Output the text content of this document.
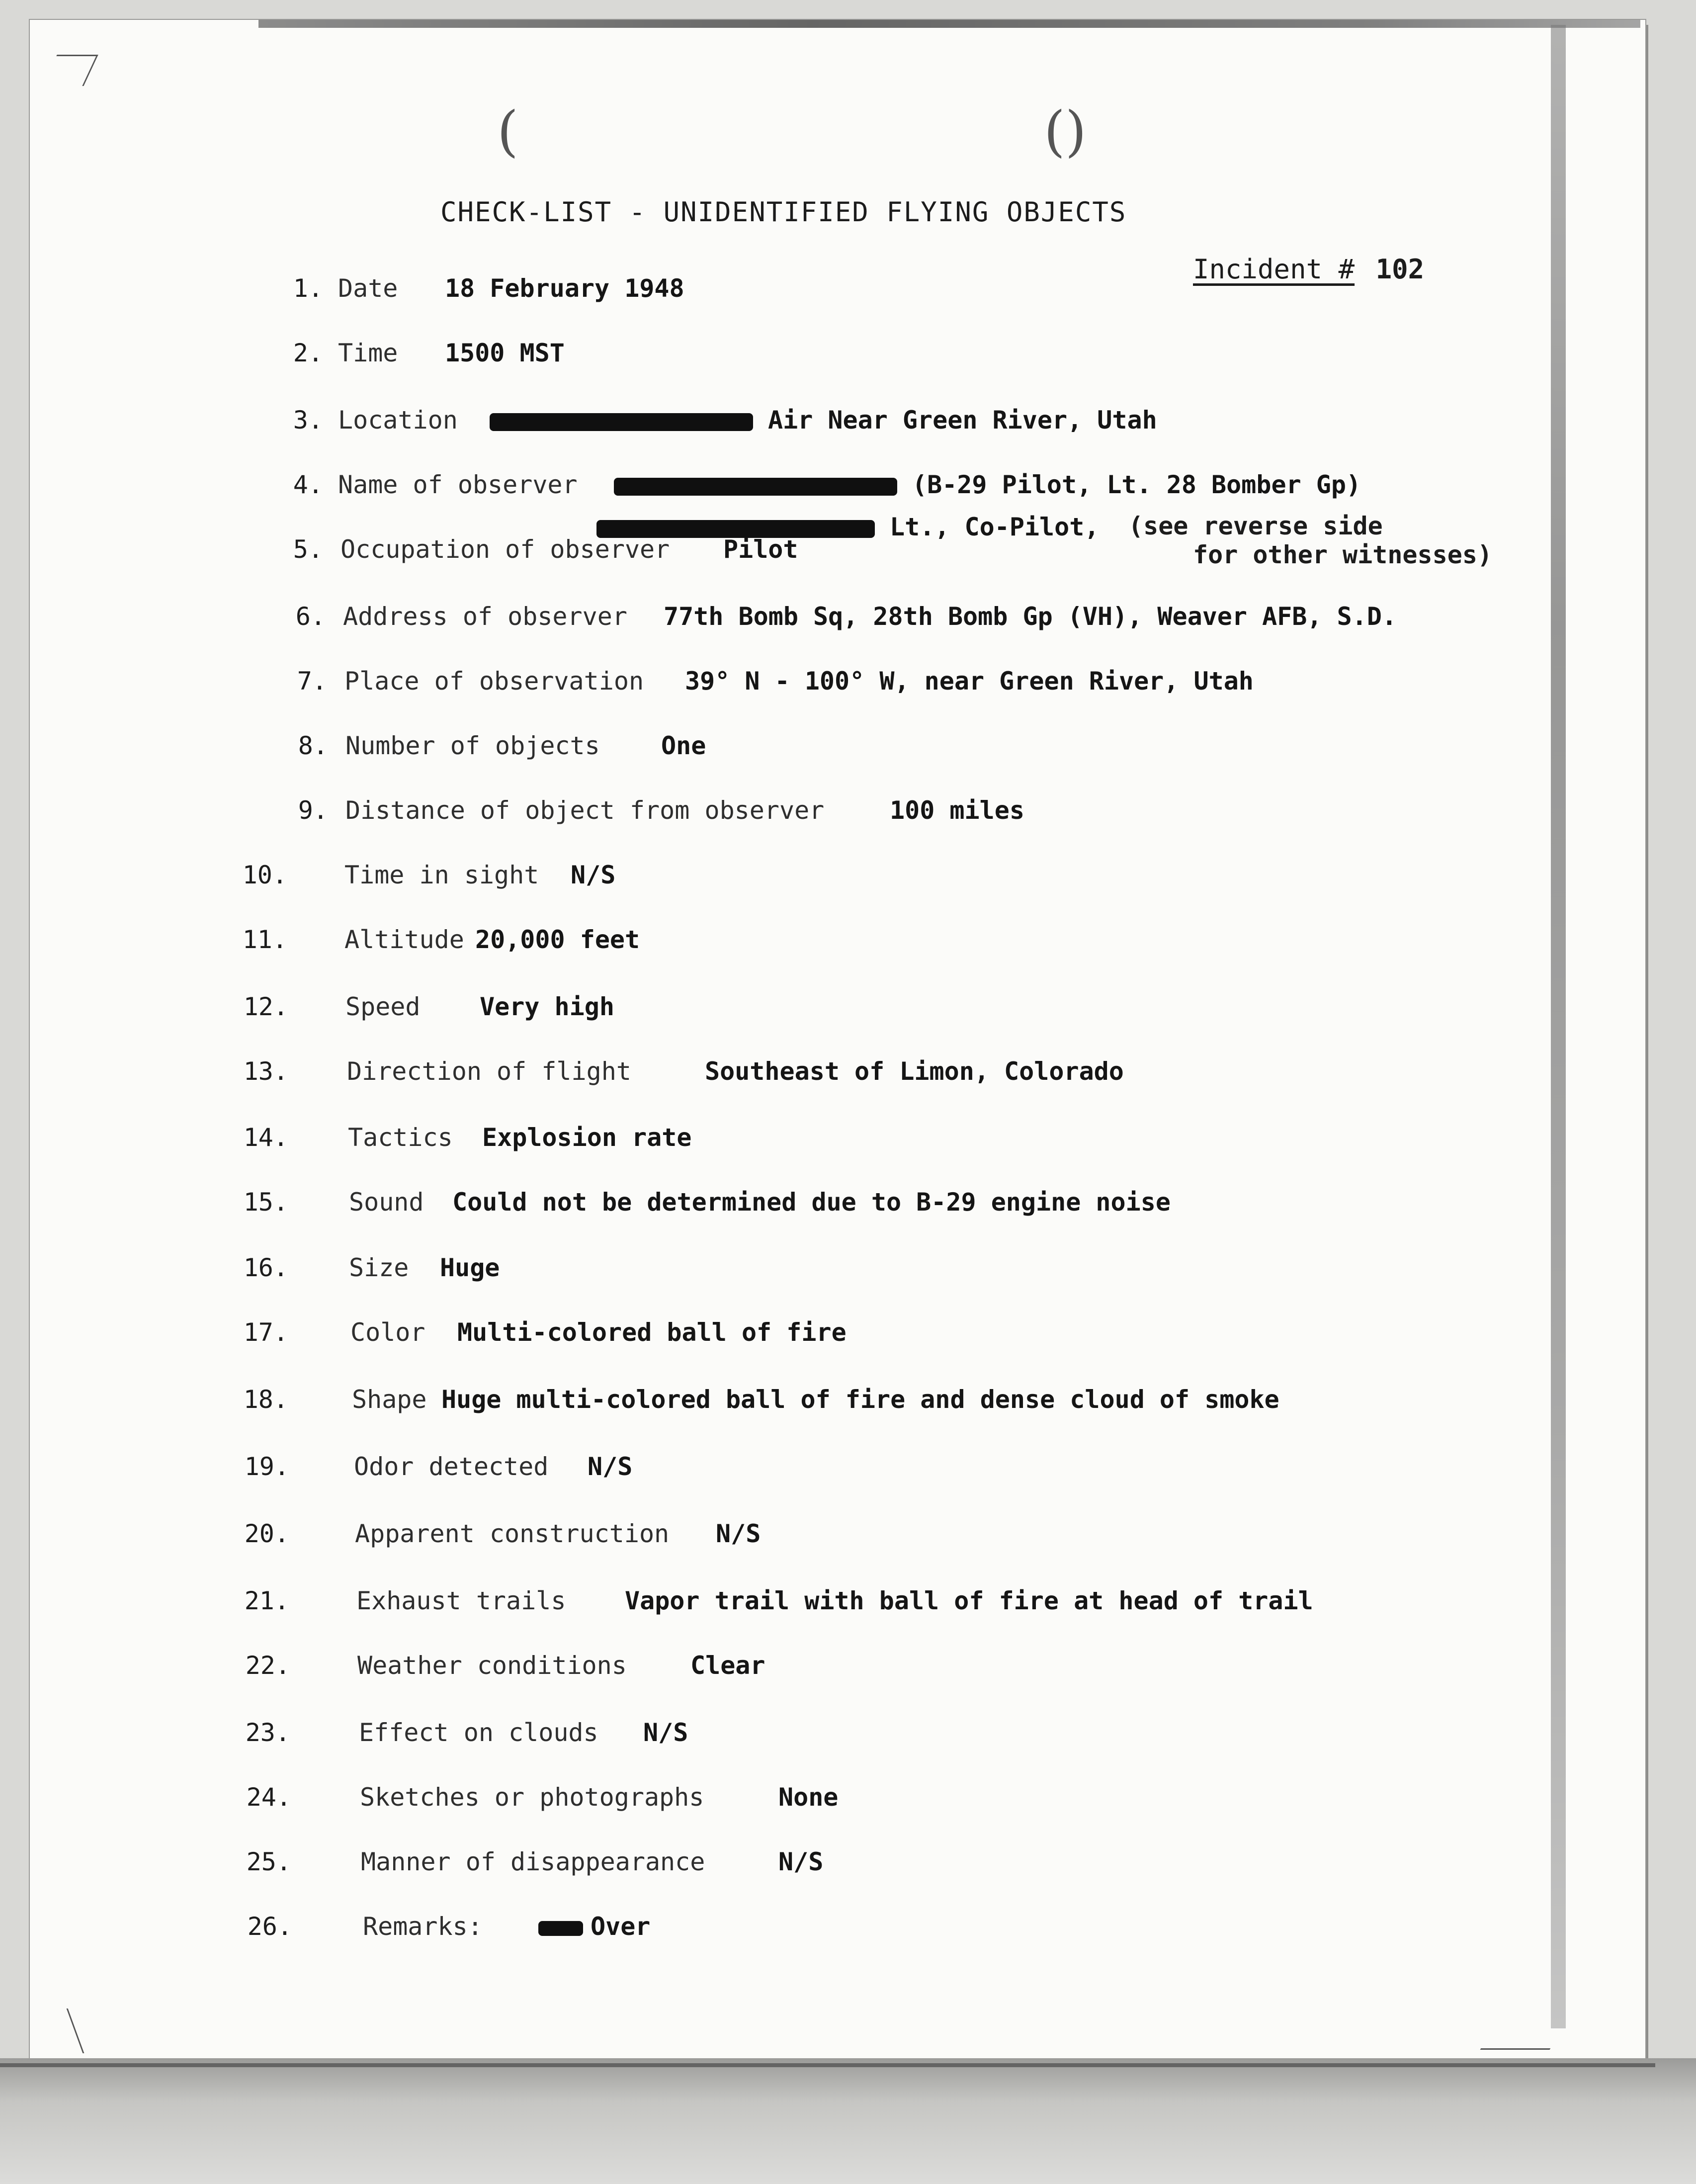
(	()
CHECK-LIST - UNIDENTIFIED FLYING OBJECTS
Incident # 102
1. Date 18 February 1948
2. Time 1500 MST
3. Location	Air Near Green River, Utah
4. Name of observer	(B-29 Pilot, Lt. 28 Bomber Gp)
Lt., Co-Pilot, (see reverse side
for other witnesses)
5. Occupation of observer Pilot
6. Address of observer 77th Bomb Sq, 28th Bomb Gp (VH), Weaver AFB, S.D.
7. Place of observation 39° N - 100° W, near Green River, Utah
8. Number of objects One
9. Distance of object from observer	100 miles
10. Time in sight N/S
11. Altitude 20,000 feet
12. Speed Very high
13. Direction of flight	Southeast of Limon, Colorado
14. Tactics Explosion rate
15. Sound Could not be determined due to B-29 engine noise
16. Size Huge
17.	Color Multi-colored ball of fire
18.	Shape Huge multi-colored ball of fire and dense cloud of smoke
19.	Odor detected N/S
20.	Apparent construction N/S
21.	Exhaust trails Vapor trail with ball of fire at head of trail
22.	Weather conditions	Clear
23.	Effect on clouds N/S
24.	Sketches or photographs	None
25.	Manner of disappearance	N/S
26.	Remarks:	Over
